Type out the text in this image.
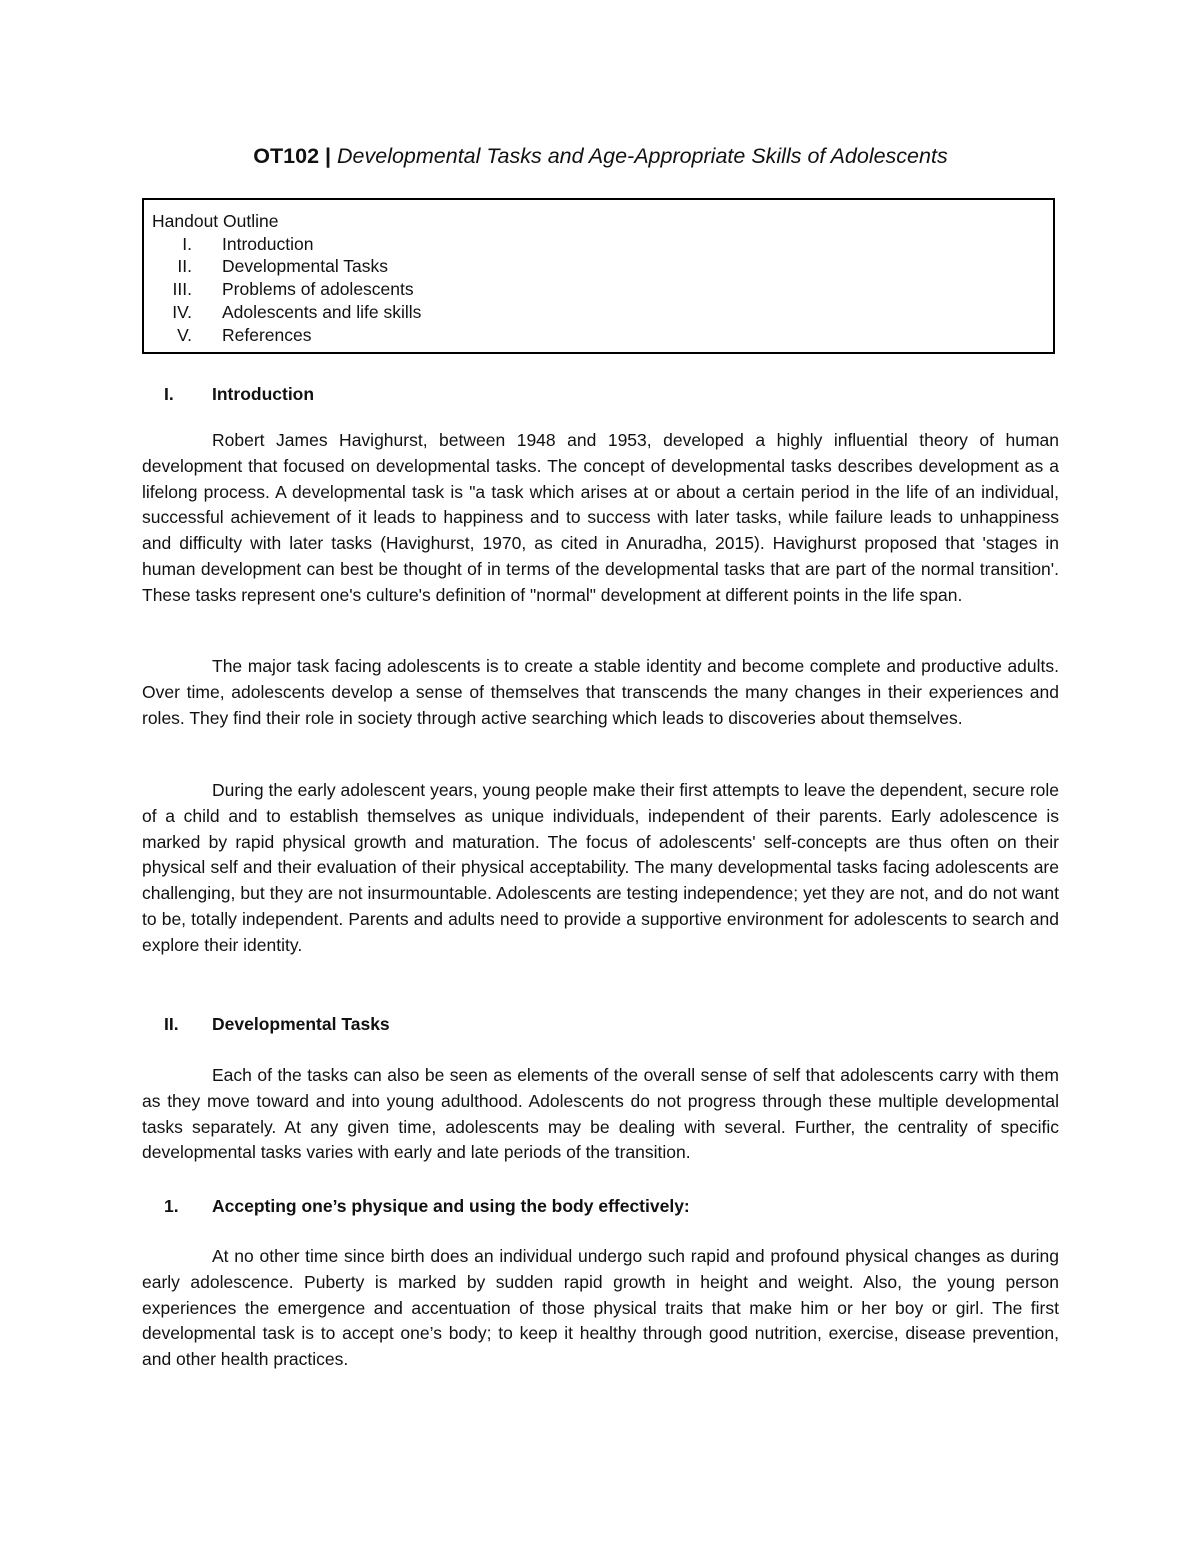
OT102 | Developmental Tasks and Age-Appropriate Skills of Adolescents
Handout Outline
I. Introduction
II. Developmental Tasks
III. Problems of adolescents
IV. Adolescents and life skills
V. References
I.	Introduction

Robert James Havighurst, between 1948 and 1953, developed a highly influential theory of human development that focused on developmental tasks. The concept of developmental tasks describes development as a lifelong process. A developmental task is "a task which arises at or about a certain period in the life of an individual, successful achievement of it leads to happiness and to success with later tasks, while failure leads to unhappiness and difficulty with later tasks (Havighurst, 1970, as cited in Anuradha, 2015). Havighurst proposed that 'stages in human development can best be thought of in terms of the developmental tasks that are part of the normal transition'. These tasks represent one's culture's definition of "normal" development at different points in the life span.

The major task facing adolescents is to create a stable identity and become complete and productive adults. Over time, adolescents develop a sense of themselves that transcends the many changes in their experiences and roles. They find their role in society through active searching which leads to discoveries about themselves.

During the early adolescent years, young people make their first attempts to leave the dependent, secure role of a child and to establish themselves as unique individuals, independent of their parents. Early adolescence is marked by rapid physical growth and maturation. The focus of adolescents' self-concepts are thus often on their physical self and their evaluation of their physical acceptability. The many developmental tasks facing adolescents are challenging, but they are not insurmountable. Adolescents are testing independence; yet they are not, and do not want to be, totally independent. Parents and adults need to provide a supportive environment for adolescents to search and explore their identity.

II.	Developmental Tasks

Each of the tasks can also be seen as elements of the overall sense of self that adolescents carry with them as they move toward and into young adulthood. Adolescents do not progress through these multiple developmental tasks separately. At any given time, adolescents may be dealing with several. Further, the centrality of specific developmental tasks varies with early and late periods of the transition.

1.	Accepting one’s physique and using the body effectively:

At no other time since birth does an individual undergo such rapid and profound physical changes as during early adolescence. Puberty is marked by sudden rapid growth in height and weight. Also, the young person experiences the emergence and accentuation of those physical traits that make him or her boy or girl. The first developmental task is to accept one’s body; to keep it healthy through good nutrition, exercise, disease prevention, and other health practices.
